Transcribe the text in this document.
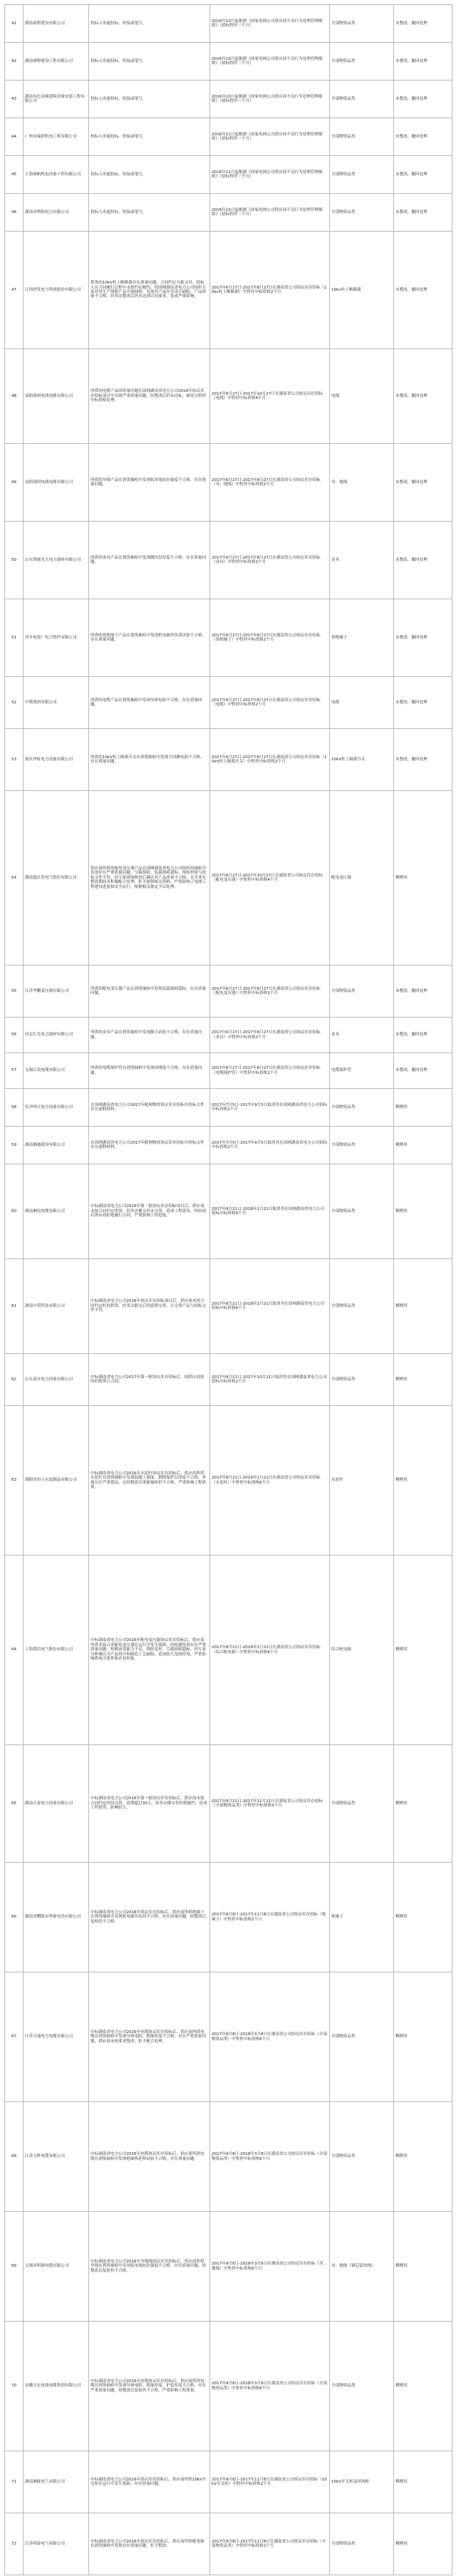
41	湖南琦程建设有限公司	投标人串通投标，短接或笔写，	2016年10月起根据《国家电网公司供应商不良行为处理管理细则》（招标暂停三个月）	全部物资品类	未整改，撤回处理
42	湖南赛程建设工程有限公司	投标人串通投标，短接或笔写，	2016年10月起根据《国家电网公司供应商不良行为处理管理细则》（招标暂停三个月）	全部物资品类	未整改，撤回处理
43	湖南有色金属建筑设备安装工程有限公司	投标人串通投标，短接或笔写，	2016年10月起根据《国家电网公司供应商不良行为处理管理细则》（招标暂停一个月）	全部物资品类	未整改，撤回处理
44	广州市瑞舒机电工程有限公司	投标人串通投标，短接或笔写，	2016年11月起根据《国家电网公司供应商不良行为处理管理细则》（招标暂停一个月）	全部物资品类	未整改，撤回处理
45	上海睿帆机电设备工程有限公司	投标人串通投标，短接或笔写，	2016年11月起根据《国家电网公司供应商不良行为处理管理细则》（招标暂停三个月）	全部物资品类	未整改，撤回处理
46	湖南省利和电力有限公司	投标人串通投标，短接或笔写，	2016年10月起根据《国家电网公司供应商不良行为处理管理细则》（招标暂停三个月）	全部物资品类	未整改，撤回处理
47	江西伊发电力科技股份有限公司	供货的10kV柱上断路器存在质量问题，合同约定分批交付，投标人在合同履行过程中未按约定履约，经国网湖南省电力公司组织专家对其生产线和产品开展抽检，发现其产品存在设计缺陷，产品质量不合格，经多次整改后仍未达到合同要求，造成严重影响。	2017年6月27日-2017年8月27日在湖南省公司协议库存招标（10kv柱上断路器）中暂停中标资格2个月	10kv柱上断路器	未整改，撤回处理
48	益阳珑琪电线电缆有限公司	所供的电缆产品因质量问题在国网湖南省电力公司2016年协议库存招标项目中出现严重质量问题，经整改后仍未达标，被处以暂停中标资格处理。	2017年6月27日-2017年10月27日在湖南省公司协议库存招标（电线）中暂停中标资格4个月	电线	未整改，撤回处理
49	益阳珑琪电线电缆有限公司	所供的导线产品在到货抽检中发现铝单线抗拉强度不合格，存在质量问题。	2017年6月27日-2017年8月27日在湖南省公司协议库存招标（导、地线）中暂停中标资格2个月	导、地线	未整改，撤回处理
50	山东鲁能光大电力器材有限公司	所供的金具产品在到货抽检中发现镀锌层厚度不合格，存在质量问题。	2017年6月27日-2017年8月27日在湖南省公司协议库存招标（金具）中暂停中标资格2个月	金具	未整改，撤回处理
51	萍乡电瓷厂电力瓷件有限公司	所供的瓷绝缘子产品在到货抽检中发现机电破坏负荷试验不合格，存在质量问题。	2017年6月27日-2017年8月27日在湖南省公司协议库存招标（瓷绝缘子）中暂停中标资格2个月	瓷绝缘子	未整改，撤回处理
52	中缆集团有限公司	所供的电缆产品在到货抽检中发现导体电阻不合格，存在质量问题。	2017年6月27日-2017年8月27日在湖南省公司协议库存招标（电缆）中暂停中标资格2个月	电缆	未整改，撤回处理
53	重庆华虹电力设备有限公司	所供的10kV柱上隔离开关在到货抽检中发现主回路电阻不合格，存在质量问题。	2017年6月27日-2017年8月27日在湖南省公司协议库存招标（10kV柱上隔离开关）中暂停中标资格2个月	10kV柱上隔离开关	未整改，撤回处理
54	湖南德沃普电气股份有限公司	供应商所供的配电变压器产品在国网湖南省电力公司组织的抽检中发现存在严重质量问题，空载损耗、负载损耗超标，绕组材质与投标文件不符，经专家现场核查后确认其产品质量不合格，且企业在整改期间未积极配合处理，拒不提供相关资料，严重影响了电网工程建设进度和安全运行，根据相关规定予以处理。	2017年6月27日-2017年10月27日在湖南省公司协议库存招标（配电变压器）中暂停中标资格4个月	配电变压器	剩例用
55	江苏华鹏变压器有限公司	所供的配电变压器产品在到货抽检中发现负载损耗超标，存在质量问题。	2017年6月27日-2017年8月27日在湖南省公司协议库存招标（配电变压器）中暂停中标资格2个月	全部物资品类	未整改，撤回处理
56	河北红光电力器材有限公司	所供的金具产品在到货抽检中发现握力试验不合格，存在质量问题。	2017年6月27日-2017年8月27日在湖南省公司协议库存招标（金具）中暂停中标资格2个月	金具	未整改，撤回处理
57	无锡江南电缆有限公司	所供的电缆保护管在到货抽检中发现环刚度不合格，存在质量问题。	2017年6月27日-2017年8月27日在湖南省公司协议库存招标（电缆保护管）中暂停中标资格2个月	电缆保护管	未整改，撤回处理
58	长沙明天电力设备有限公司	在国网湖南省电力公司2017年配网物资协议库存招标中投标文件存在虚假材料。	2017年7月5日-2017年9月5日取消其在国网湖南省电力公司招标中标资格2个月	全部物资品类	剩例用
59	湖南湘通建设有限公司	在国网湖南省电力公司2017年配网物资协议库存招标中投标文件存在虚假材料。	2017年7月5日-2017年9月5日取消其在国网湖南省电力公司招标中标资格2个月	全部物资品类	剩例用
60	湖南湘电电缆有限公司	中标湖南省电力公司2016年第二批协议库存招标项目后，供应商未按合同约定供货，经多次催交仍未交货，造成工程延误，经协商后供应商拒绝履行合同，严重影响工程进度。	2017年8月21日-2018年2月21日取消其在国网湖南省电力公司招标中标资格6个月	全部物资品类	剩例用
61	湖南中荣科技有限公司	中标湖南省电力公司2016年协议库存招标项目后，供应商未按合同约定时间供货，经多次催交后仍延期交货，且交货产品与投标文件不符。	2017年8月21日-2018年2月21日取消其在国网湖南省电力公司招标中标资格6个月	全部物资品类	剩例用
62	山东泰开电力设备有限公司	中标湖南省电力公司2017年第一批协议库存招标后，因供应商原因拒绝签订合同。	2017年8月21日-2017年10月21日取消其在国网湖南省电力公司招标中标资格2个月	全部物资品类	剩例用
63	浏阳市恒立水泥制品有限公司	中标湖南省电力公司2016年水泥杆协议库存招标后，供应商所供水泥杆在到货抽检中发现混凝土强度、钢筋保护层厚度不合格，外观存在严重裂纹，且经整改后重新抽检仍不合格，严重影响工程质量。	2017年8月21日-2018年2月21日在湖南省公司协议库存招标（水泥杆）中暂停中标资格6个月	水泥杆	剩例用
64	上海置信电气股份有限公司	中标湖南省电力公司2016年配电变压器协议库存招标后，供应商所供非晶合金配电变压器在运行中发生故障，经检测发现存在严重质量问题：短路承受能力不足，绕组变形，空载损耗超标，经专家分析确认为产品设计和制造工艺缺陷，造成较大范围停电，严重影响供电可靠性和企业形象。	2017年8月21日-2018年2月21日在湖南省公司协议库存招标（综合配电箱）中暂停中标资格6个月	综合配电箱	剩例用
65	湖南正泰电力设备有限公司	中标湖南省电力公司2016年第一批协议库存招标后，供应商未按合同约定时间交货，延期超过30天，经多次催交仍拒绝履约，造成工程延误，影响较大。	2017年8月21日-2017年11月21日在湖南省公司协议库存招标（全部物资品类）中暂停中标资格3个月	全部物资品类	剩例用
66	湖南省醴陵市华新电瓷有限公司	中标湖南省电力公司2016年协议库存招标后，供应商所供绝缘子在到货抽检中发现机电破坏负荷不合格，存在质量问题，经整改后复检仍不合格。	2017年9月8日-2017年11月8日在湖南省公司协议库存招标（绝缘子）中暂停中标资格2个月	绝缘子	剩例用
67	江苏亨通电力电缆有限公司	中标湖南省电力公司2016年电缆协议库存招标后，供应商所供电缆在到货抽检中发现导体电阻、绝缘厚度不合格，存在严重质量问题，供应商未按要求整改，拒不配合处理。	2017年9月8日-2018年3月8日在湖南省公司协议库存招标（全部物资品类）中暂停中标资格6个月	全部物资品类	剩例用
68	江苏宝胜电缆有限公司	中标湖南省电力公司2016年电缆协议库存招标后，供应商所供电缆在到货抽检中发现绝缘热延伸试验不合格，存在质量问题。	2017年9月8日-2018年3月8日在湖南省公司协议库存招标（全部物资品类）中暂停中标资格6个月	全部物资品类	剩例用
69	无锡市明珠电缆有限公司	中标湖南省电力公司2016年导地线协议库存招标后，供应商所供导线在到货抽检中发现铝单线抗拉强度不合格，存在质量问题，经整改后复检仍不合格。	2017年9月8日-2018年3月8日在湖南省公司协议库存招标（导、地线）中暂停中标资格6个月	导、地线（钢芯铝绞线）	剩例用
70	安徽天宏电线电缆集团有限公司	中标湖南省电力公司2016年电缆协议库存招标后，供应商所供电缆在到货抽检中发现导体电阻、绝缘厚度、护套厚度不合格，存在严重质量问题，经整改后复检仍不合格，严重影响工程质量。	2017年9月8日-2018年3月8日在湖南省公司协议库存招标（全部物资品类）中暂停中标资格6个月	全部物资品类	剩例用
71	湖南湘能电气有限公司	中标湖南省电力公司2016年协议库存招标后，供应商所供10kV开关柜在运行中发生故障，存在质量问题。	2017年9月8日-2017年11月8日在湖南省公司协议库存招标（10kV开关柜）中暂停中标资格2个月	10kV开关柜及环网柜	剩例用
72	江苏明泰电气有限公司	中标湖南省电力公司2016年协议库存招标后，供应商所供配电箱在到货抽检中发现存在质量问题，拒不整改。	2017年9月8日-2017年11月8日在湖南省公司协议库存招标（全部物资品类）中暂停中标资格2个月	全部物资品类	剩例用
